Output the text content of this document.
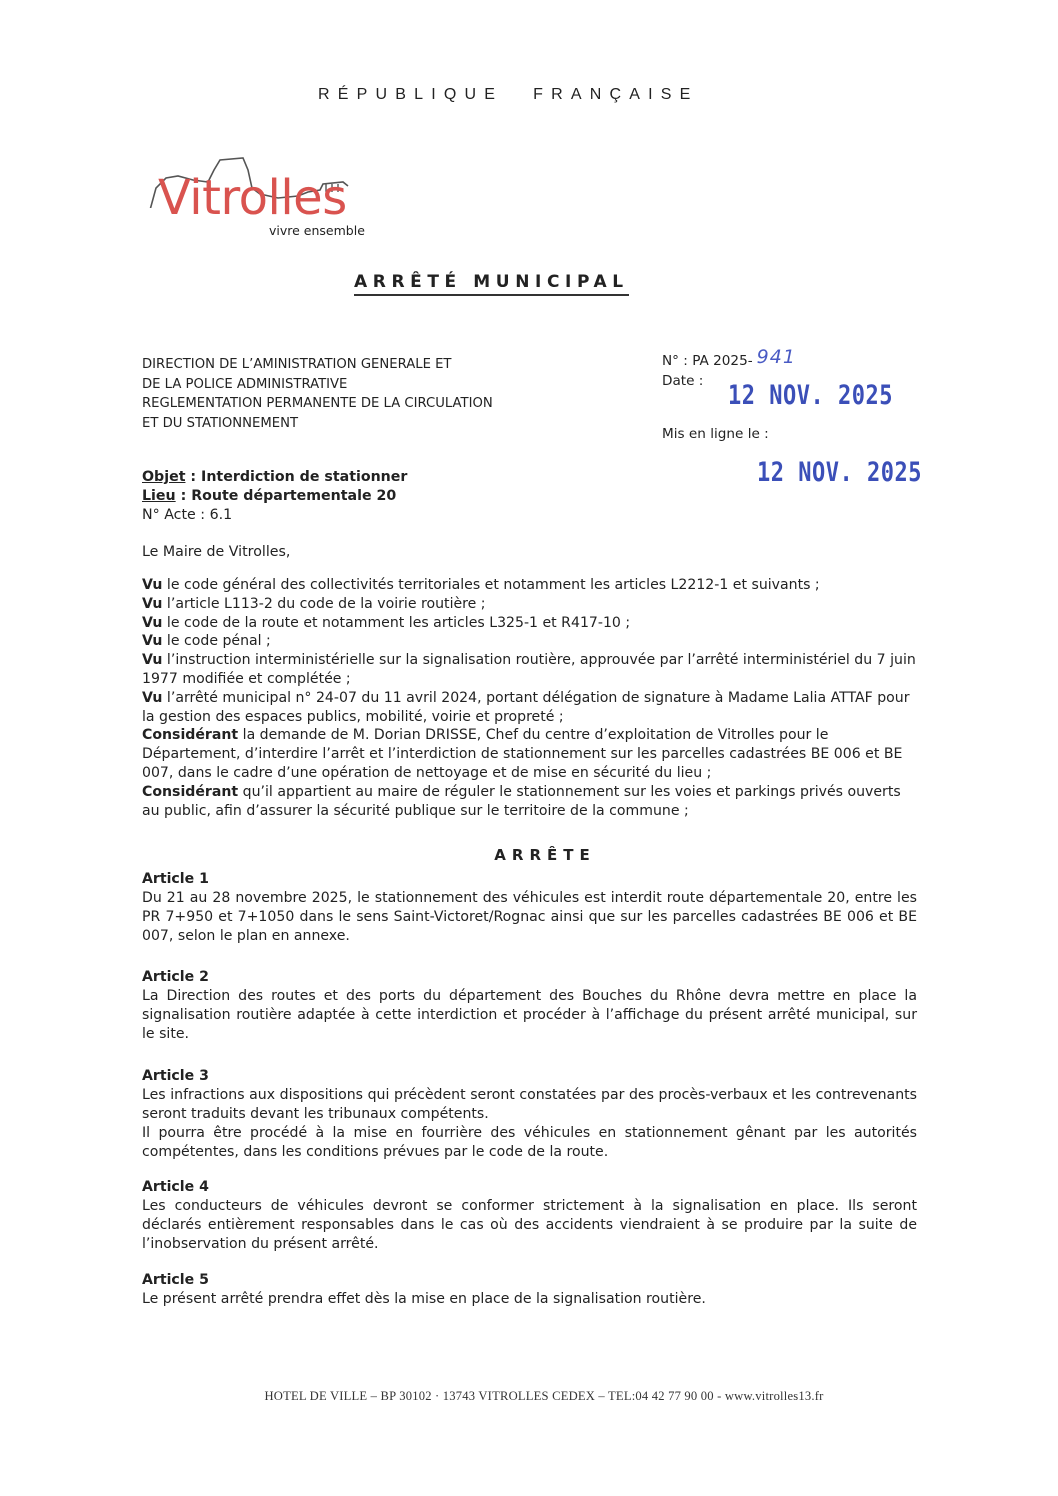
RÉPUBLIQUE FRANÇAISE
Vitrolles
vivre ensemble
ARRÊTÉ MUNICIPAL
DIRECTION DE L’AMINISTRATION GENERALE ET
DE LA POLICE ADMINISTRATIVE
REGLEMENTATION PERMANENTE DE LA CIRCULATION
ET DU STATIONNEMENT
N° : PA 2025- 941
Date :	12 NOV. 2025
Mis en ligne le :
12 NOV. 2025
Objet : Interdiction de stationner
Lieu : Route départementale 20
N° Acte : 6.1
Le Maire de Vitrolles,

Vu le code général des collectivités territoriales et notamment les articles L2212-1 et suivants ;

Vu l’article L113-2 du code de la voirie routière ;

Vu le code de la route et notamment les articles L325-1 et R417-10 ;

Vu le code pénal ;

Vu l’instruction interministérielle sur la signalisation routière, approuvée par l’arrêté interministériel du 7 juin 1977 modifiée et complétée ;

Vu l’arrêté municipal n° 24-07 du 11 avril 2024, portant délégation de signature à Madame Lalia ATTAF pour la gestion des espaces publics, mobilité, voirie et propreté ;

Considérant la demande de M. Dorian DRISSE, Chef du centre d’exploitation de Vitrolles pour le Département, d’interdire l’arrêt et l’interdiction de stationnement sur les parcelles cadastrées BE 006 et BE 007, dans le cadre d’une opération de nettoyage et de mise en sécurité du lieu ;

Considérant qu’il appartient au maire de réguler le stationnement sur les voies et parkings privés ouverts au public, afin d’assurer la sécurité publique sur le territoire de la commune ;

ARRÊTE
Article 1
Du 21 au 28 novembre 2025, le stationnement des véhicules est interdit route départementale 20, entre les PR 7+950 et 7+1050 dans le sens Saint-Victoret/Rognac ainsi que sur les parcelles cadastrées BE 006 et BE 007, selon le plan en annexe.
Article 2
La Direction des routes et des ports du département des Bouches du Rhône devra mettre en place la signalisation routière adaptée à cette interdiction et procéder à l’affichage du présent arrêté municipal, sur le site.
Article 3
Les infractions aux dispositions qui précèdent seront constatées par des procès-verbaux et les contrevenants seront traduits devant les tribunaux compétents.
Il pourra être procédé à la mise en fourrière des véhicules en stationnement gênant par les autorités compétentes, dans les conditions prévues par le code de la route.
Article 4
Les conducteurs de véhicules devront se conformer strictement à la signalisation en place. Ils seront déclarés entièrement responsables dans le cas où des accidents viendraient à se produire par la suite de l’inobservation du présent arrêté.
Article 5
Le présent arrêté prendra effet dès la mise en place de la signalisation routière.
HOTEL DE VILLE – BP 30102 · 13743 VITROLLES CEDEX – TEL:04 42 77 90 00 - www.vitrolles13.fr
